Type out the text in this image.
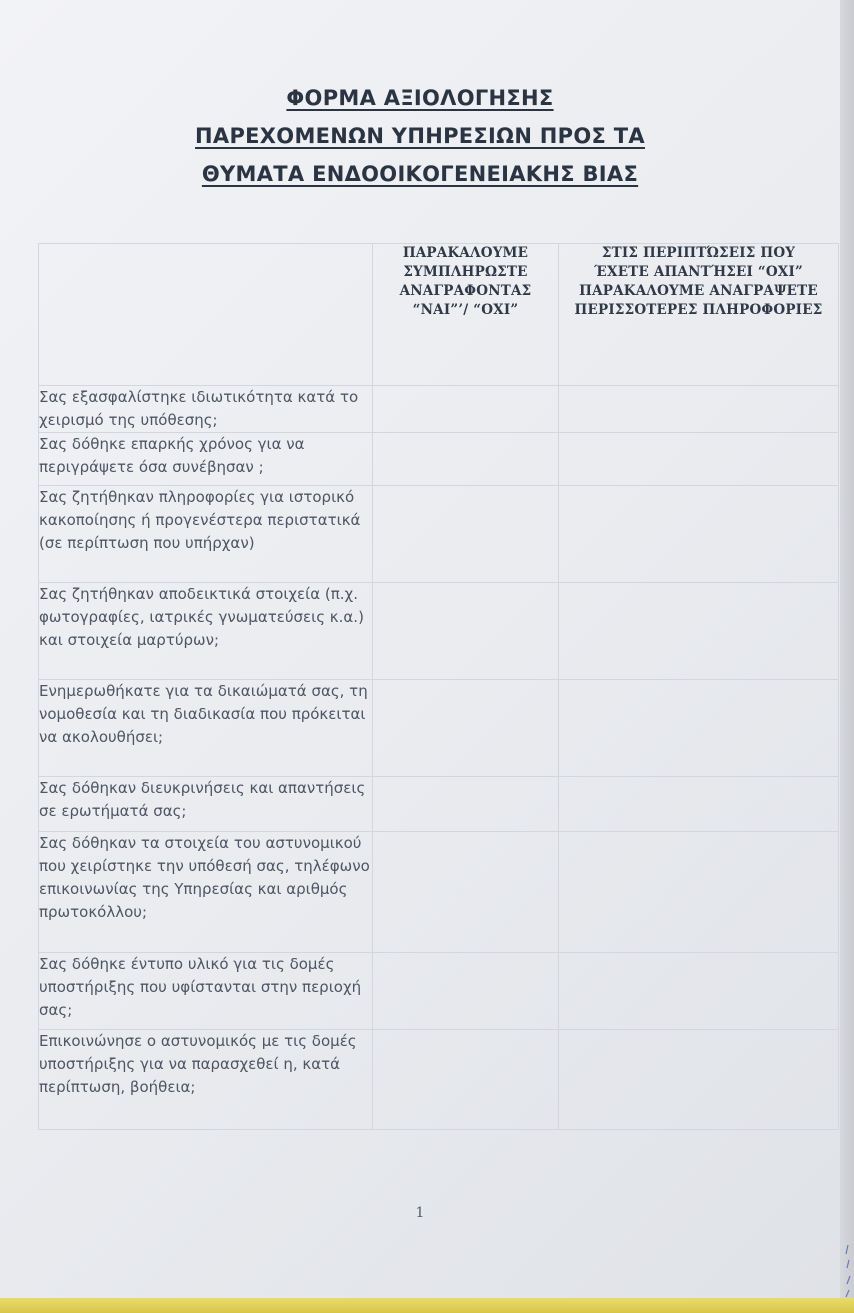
ΦΟΡΜΑ ΑΞΙΟΛΟΓΗΣΗΣ
ΠΑΡΕΧΟΜΕΝΩΝ ΥΠΗΡΕΣΙΩΝ ΠΡΟΣ ΤΑ
ΘΥΜΑΤΑ ΕΝΔΟΟΙΚΟΓΕΝΕΙΑΚΗΣ ΒΙΑΣ
	ΠΑΡΑΚΑΛΟΥΜΕ ΣΥΜΠΛΗΡΩΣΤΕ ΑΝΑΓΡΑΦΟΝΤΑΣ “ΝΑΙ”’/ “ΟΧΙ”	ΣΤΙΣ ΠΕΡΙΠΤΏΣΕΙΣ ΠΟΥ ΈΧΕΤΕ ΑΠΑΝΤΉΣΕΙ “ΟΧΙ” ΠΑΡΑΚΑΛΟΥΜΕ ΑΝΑΓΡΑΨΕΤΕ ΠΕΡΙΣΣΟΤΕΡΕΣ ΠΛΗΡΟΦΟΡΙΕΣ
Σας εξασφαλίστηκε ιδιωτικότητα κατά το χειρισμό της υπόθεσης;		
Σας δόθηκε επαρκής χρόνος για να περιγράψετε όσα συνέβησαν ;		
Σας ζητήθηκαν πληροφορίες για ιστορικό κακοποίησης ή προγενέστερα περιστατικά (σε περίπτωση που υπήρχαν)		
Σας ζητήθηκαν αποδεικτικά στοιχεία (π.χ. φωτογραφίες, ιατρικές γνωματεύσεις κ.α.) και στοιχεία μαρτύρων;		
Ενημερωθήκατε για τα δικαιώματά σας, τη νομοθεσία και τη διαδικασία που πρόκειται να ακολουθήσει;		
Σας δόθηκαν διευκρινήσεις και απαντήσεις σε ερωτήματά σας;		
Σας δόθηκαν τα στοιχεία του αστυνομικού που χειρίστηκε την υπόθεσή σας, τηλέφωνο επικοινωνίας της Υπηρεσίας και αριθμός πρωτοκόλλου;		
Σας δόθηκε έντυπο υλικό για τις δομές υποστήριξης που υφίστανται στην περιοχή σας;		
Επικοινώνησε ο αστυνομικός με τις δομές υποστήριξης για να παρασχεθεί η, κατά περίπτωση, βοήθεια;		
1
